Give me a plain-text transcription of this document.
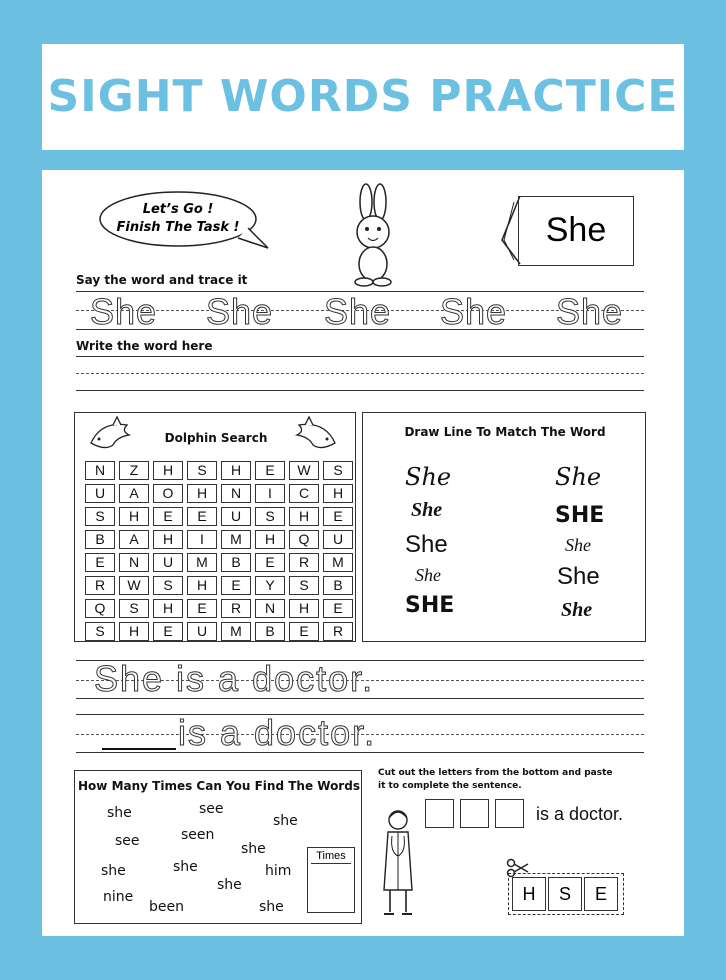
SIGHT WORDS PRACTICE
Let’s Go !
Finish The Task !	She
Say the word and trace it
She She She She She
Write the word here
Dolphin Search
N	Z	H	S	H	E	W	S
U	A	O	H	N	I	C	H
S	H	E	E	U	S	H	E
B	A	H	I	M	H	Q	U
E	N	U	M	B	E	R	M
R	W	S	H	E	Y	S	B
Q	S	H	E	R	N	H	E
S	H	E	U	M	B	E	R
Draw Line To Match The Word
She
She
She
She
SHE
She
SHE
She
She
She
She is a doctor.
is a doctor.
How Many Times Can You Find The Words
she	see
see	seen
she
she
she	she	him
she
nine
been	she
Times
Cut out the letters from the bottom and paste
it to complete the sentence.
is a doctor.
H	S	E
